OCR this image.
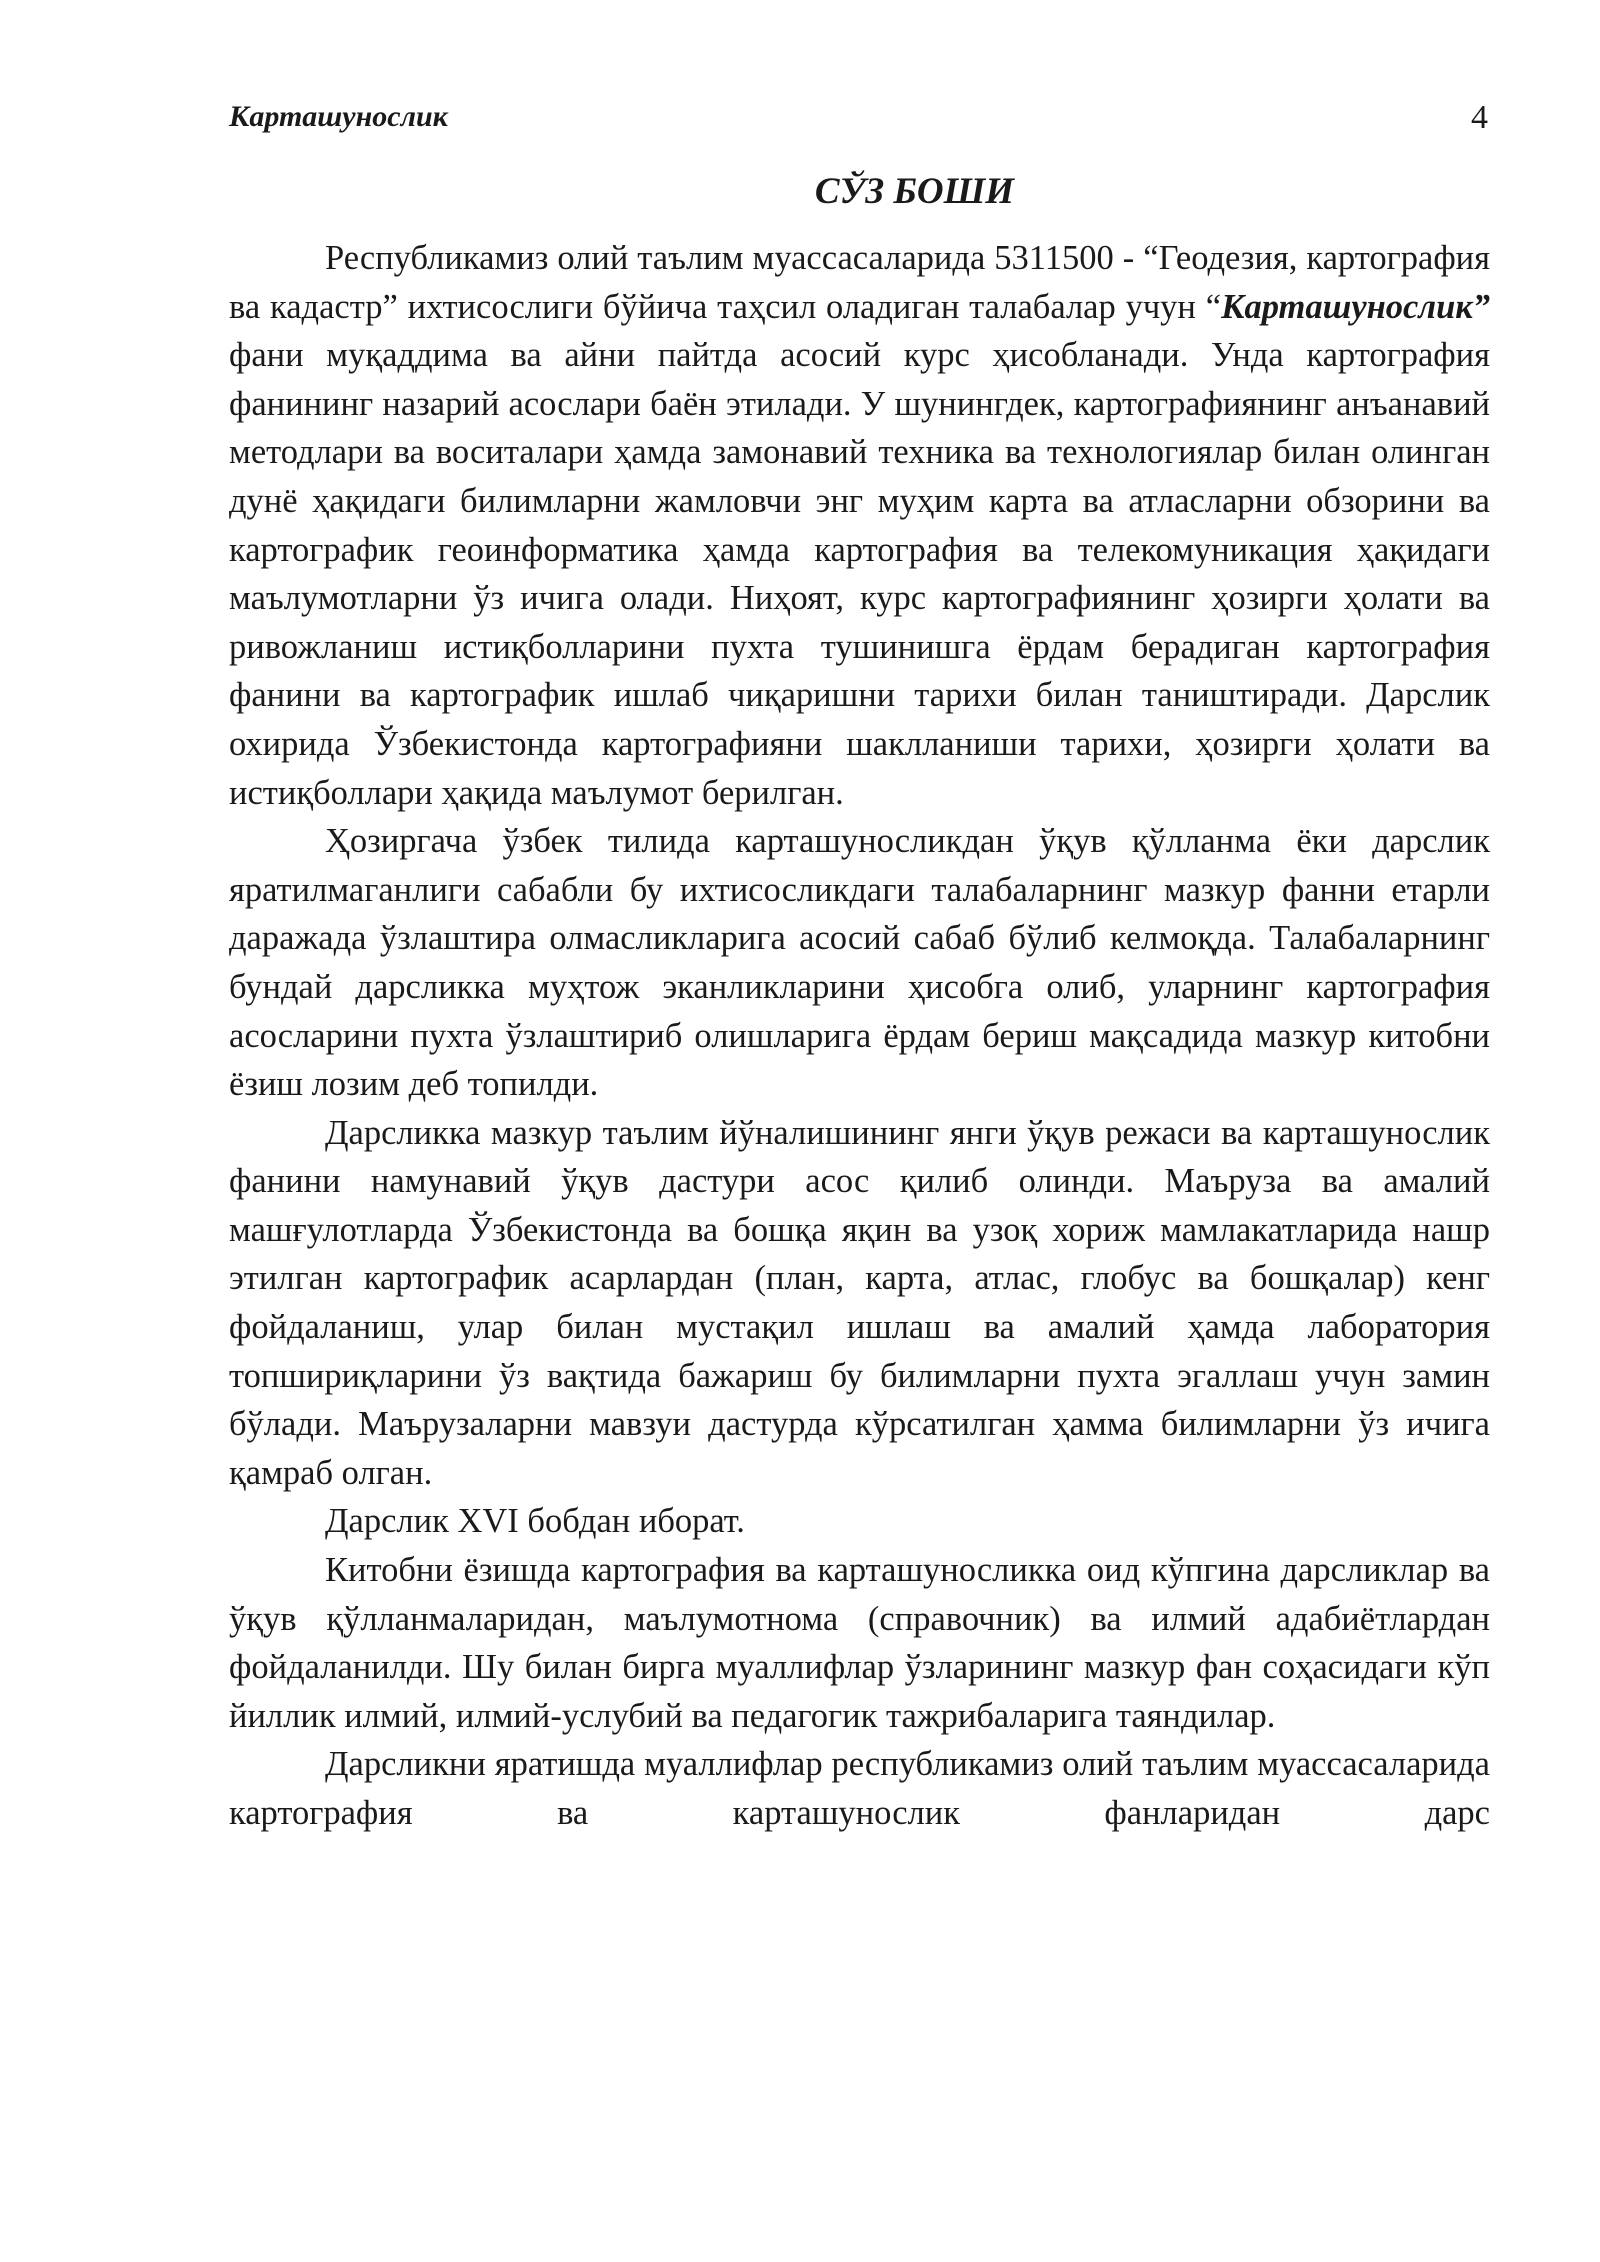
Карташунослик	4
СЎЗ БОШИ

Республикамиз олий таълим муассасаларида 5311500 - “Геодезия, картография ва кадастр” ихтисослиги бўйича таҳсил оладиган талабалар учун “Карташунослик” фани муқаддима ва айни пайтда асосий курс ҳисобланади. Унда картография фанининг назарий асослари баён этилади. У шунингдек, картографиянинг анъанавий методлари ва воситалари ҳамда замонавий техника ва технологиялар билан олинган дунё ҳақидаги билимларни жамловчи энг муҳим карта ва атласларни обзорини ва картографик геоинформатика ҳамда картография ва телекомуникация ҳақидаги маълумотларни ўз ичига олади. Ниҳоят, курс картографиянинг ҳозирги ҳолати ва ривожланиш истиқболларини пухта тушинишга ёрдам берадиган картография фанини ва картографик ишлаб чиқаришни тарихи билан таништиради. Дарслик охирида Ўзбекистонда картографияни шаклланиши тарихи, ҳозирги ҳолати ва истиқболлари ҳақида маълумот берилган.

Ҳозиргача ўзбек тилида карташуносликдан ўқув қўлланма ёки дарслик яратилмаганлиги сабабли бу ихтисосликдаги талабаларнинг мазкур фанни етарли даражада ўзлаштира олмасликларига асосий сабаб бўлиб келмоқда. Талабаларнинг бундай дарсликка муҳтож эканликларини ҳисобга олиб, уларнинг картография асосларини пухта ўзлаштириб олишларига ёрдам бериш мақсадида мазкур китобни ёзиш лозим деб топилди.

Дарсликка мазкур таълим йўналишининг янги ўқув режаси ва карташунослик фанини намунавий ўқув дастури асос қилиб олинди. Маъруза ва амалий машғулотларда Ўзбекистонда ва бошқа яқин ва узоқ хориж мамлакатларида нашр этилган картографик асарлардан (план, карта, атлас, глобус ва бошқалар) кенг фойдаланиш, улар билан мустақил ишлаш ва амалий ҳамда лаборатория топшириқларини ўз вақтида бажариш бу билимларни пухта эгаллаш учун замин бўлади. Маърузаларни мавзуи дастурда кўрсатилган ҳамма билимларни ўз ичига қамраб олган.

Дарслик XVI бобдан иборат.

Китобни ёзишда картография ва карташуносликка оид кўпгина дарсликлар ва ўқув қўлланмаларидан, маълумотнома (справочник) ва илмий адабиётлардан фойдаланилди. Шу билан бирга муаллифлар ўзларининг мазкур фан соҳасидаги кўп йиллик илмий, илмий-услубий ва педагогик тажрибаларига таяндилар.

Дарсликни яратишда муаллифлар республикамиз олий таълим муассасаларида картография ва карташунослик фанларидан дарс
